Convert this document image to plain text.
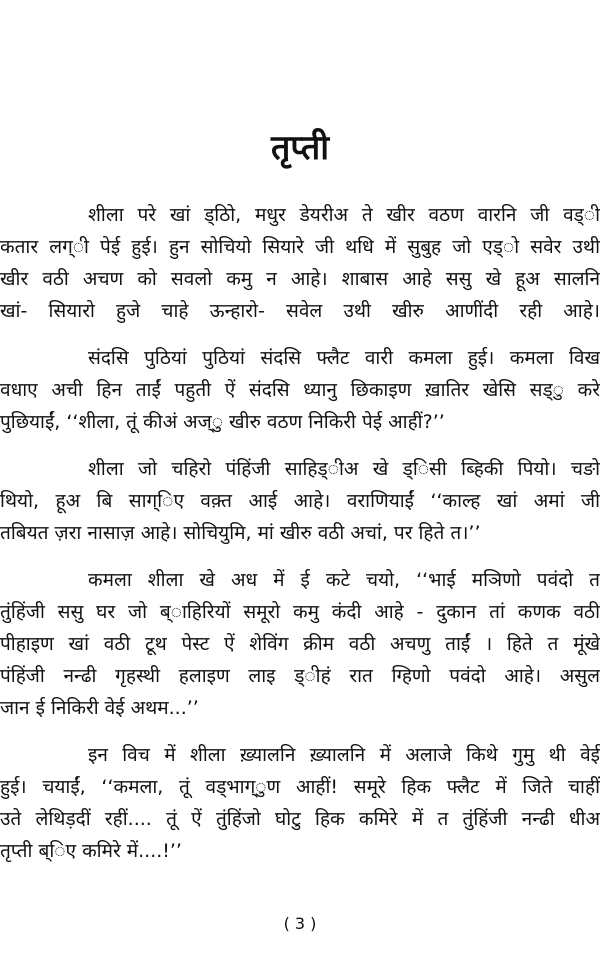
तृप्ती
शीला परे खां ड्ठिो, मधुर डेयरीअ ते खीर वठण वारनि जी वड्ी
कतार लग्ी पेई हुई। हुन सोचियो सियारे जी थधि में सुबुह जो एड्ो सवेर उथी
खीर वठी अचण को सवलो कमु न आहे। शाबास आहे ससु खे हूअ सालनि
खां- सियारो हुजे चाहे ऊन्हारो- सवेल उथी खीरु आणींदी रही आहे।
संदसि पुठियां पुठियां संदसि फ्लैट वारी कमला हुई। कमला विख
वधाए अची हिन ताईं पहुती ऐं संदसि ध्यानु छिकाइण ख़ातिर खेसि सड्ु करे
पुछियाईं, ‘‘शीला, तूं कीअं अज्ु खीरु वठण निकिरी पेई आहीं?’’
शीला जो चहिरो पंहिंजी साहिड्ीअ खे ड्िसी ब्हिकी पियो। चङो
थियो, हूअ बि साग्िए वक़्त आई आहे। वराणियाईं ‘‘काल्ह खां अमां जी
तबियत ज़रा नासाज़ आहे। सोचियुमि, मां खीरु वठी अचां, पर हिते त।’’
कमला शीला खे अध में ई कटे चयो, ‘‘भाई मञिणो पवंदो त
तुंहिंजी ससु घर जो ब्ाहिरियों समूरो कमु कंदी आहे - दुकान तां कणक वठी
पीहाइण खां वठी टूथ पेस्ट ऐं शेविंग क्रीम वठी अचणु ताईं । हिते त मूंखे
पंहिंजी नन्ढी गृहस्थी हलाइण लाइ ड्ीहं रात ग्हिणो पवंदो आहे। असुल
जान ई निकिरी वेई अथम...’’
इन विच में शीला ख़्यालनि ख़्यालनि में अलाजे किथे गुमु थी वेई
हुई। चयाईं, ‘‘कमला, तूं वड्भाग्ुण आहीं! समूरे हिक फ्लैट में जिते चाहीं
उते लेथिड़दीं रहीं.... तूं ऐं तुंहिंजो घोटु हिक कमिरे में त तुंहिंजी नन्ढी धीअ
तृप्ती ब्िए कमिरे में....!’’
( 3 )
